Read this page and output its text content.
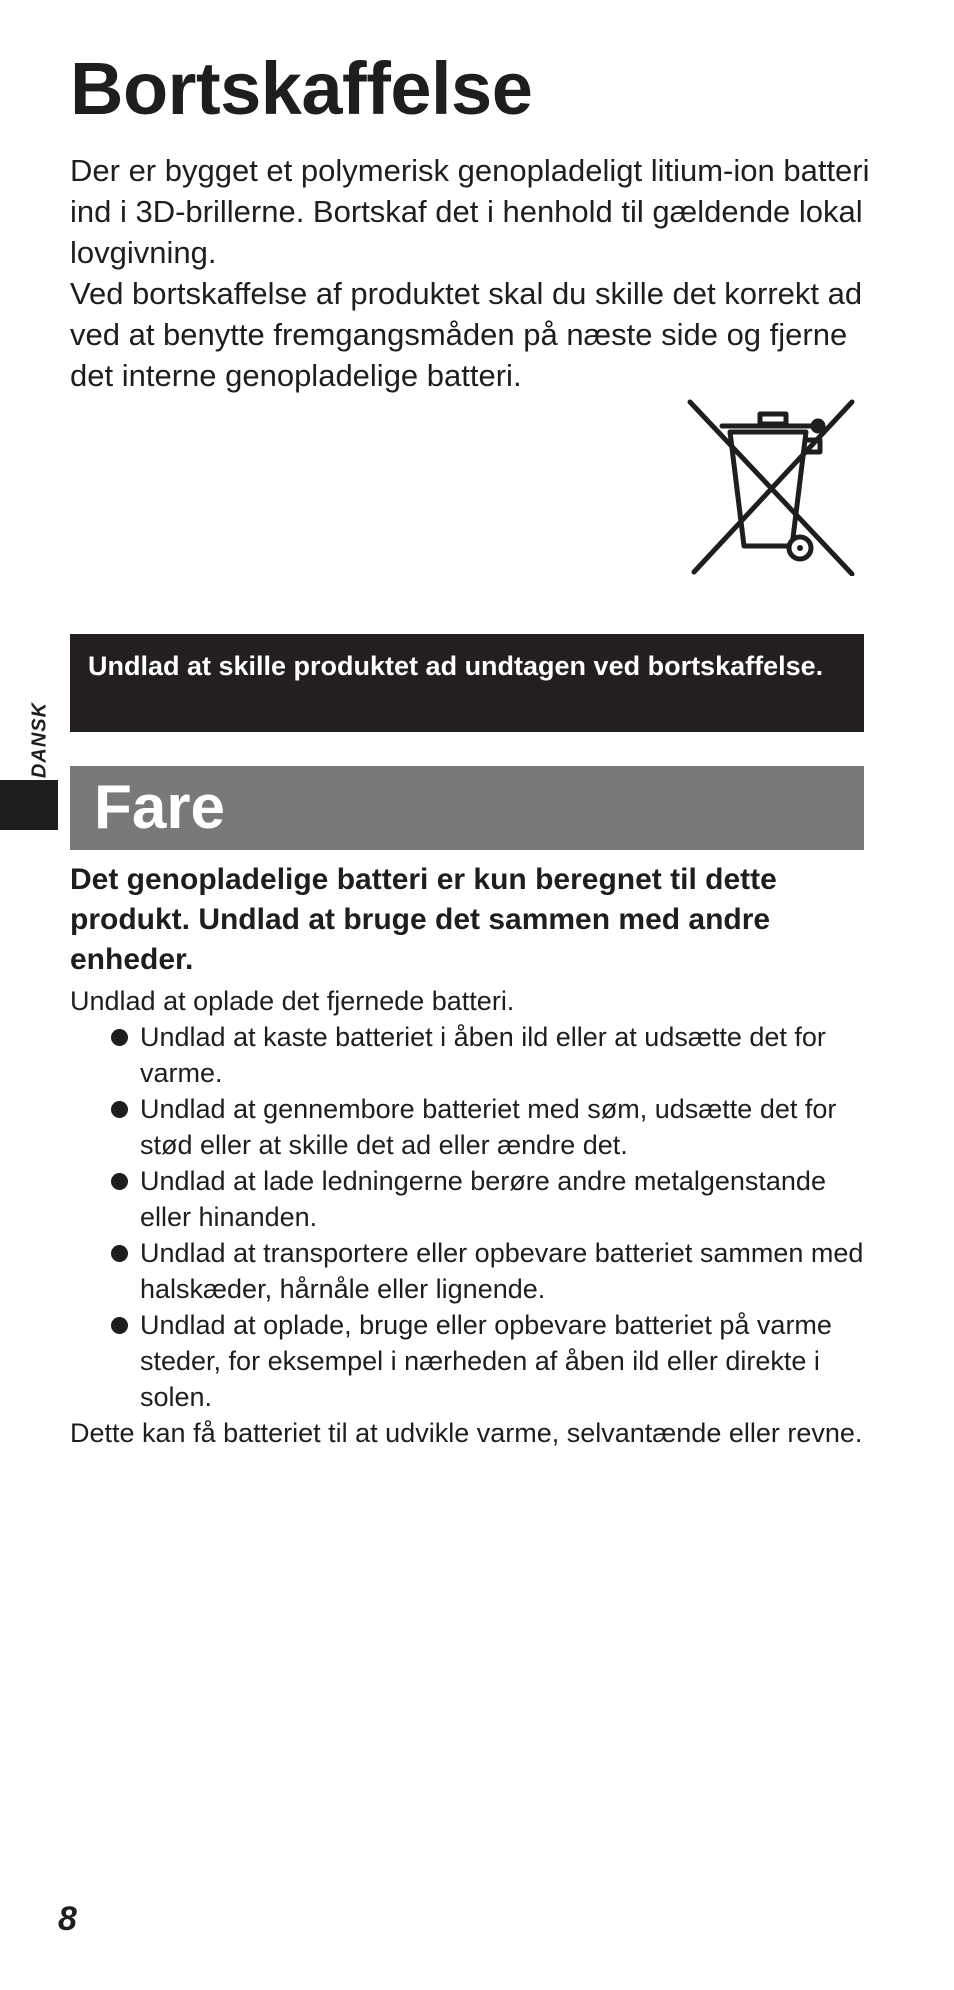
Bortskaffelse

Der er bygget et polymerisk genopladeligt litium-ion batteri ind i 3D-brillerne. Bortskaf det i henhold til gældende lokal lovgivning.

Ved bortskaffelse af produktet skal du skille det korrekt ad ved at benytte fremgangsmåden på næste side og fjerne det interne genopladelige batteri.

DANSK
Undlad at skille produktet ad undtagen ved bortskaffelse.
Fare

Det genopladelige batteri er kun beregnet til dette produkt. Undlad at bruge det sammen med andre enheder.

Undlad at oplade det fjernede batteri.

Undlad at kaste batteriet i åben ild eller at udsætte det for varme.
Undlad at gennembore batteriet med søm, udsætte det for stød eller at skille det ad eller ændre det.
Undlad at lade ledningerne berøre andre metalgenstande eller hinanden.
Undlad at transportere eller opbevare batteriet sammen med halskæder, hårnåle eller lignende.
Undlad at oplade, bruge eller opbevare batteriet på varme steder, for eksempel i nærheden af åben ild eller direkte i solen.

Dette kan få batteriet til at udvikle varme, selvantænde eller revne.

8
